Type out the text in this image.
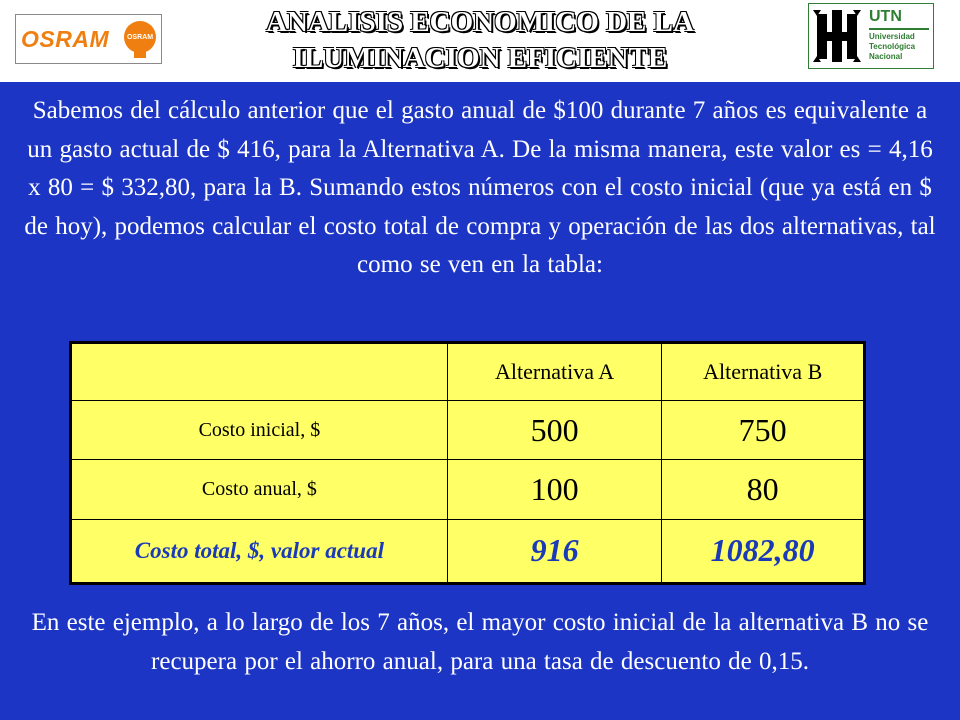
OSRAM	OSRAM	ANALISIS ECONOMICO DE LA
ILUMINACION EFICIENTE
UTN
Universidad
Tecnológica
Nacional
Sabemos del cálculo anterior que el gasto anual de $100 durante 7 años es equivalente a un gasto actual de $ 416, para la Alternativa A. De la misma manera, este valor es = 4,16 x 80 = $ 332,80, para la B. Sumando estos números con el costo inicial (que ya está en $ de hoy), podemos calcular el costo total de compra y operación de las dos alternativas, tal como se ven en la tabla:
	Alternativa A	Alternativa B
Costo inicial, $	500	750
Costo anual, $	100	80
Costo total, $, valor actual	916	1082,80
En este ejemplo, a lo largo de los 7 años, el mayor costo inicial de la alternativa B no se recupera por el ahorro anual, para una tasa de descuento de 0,15.
